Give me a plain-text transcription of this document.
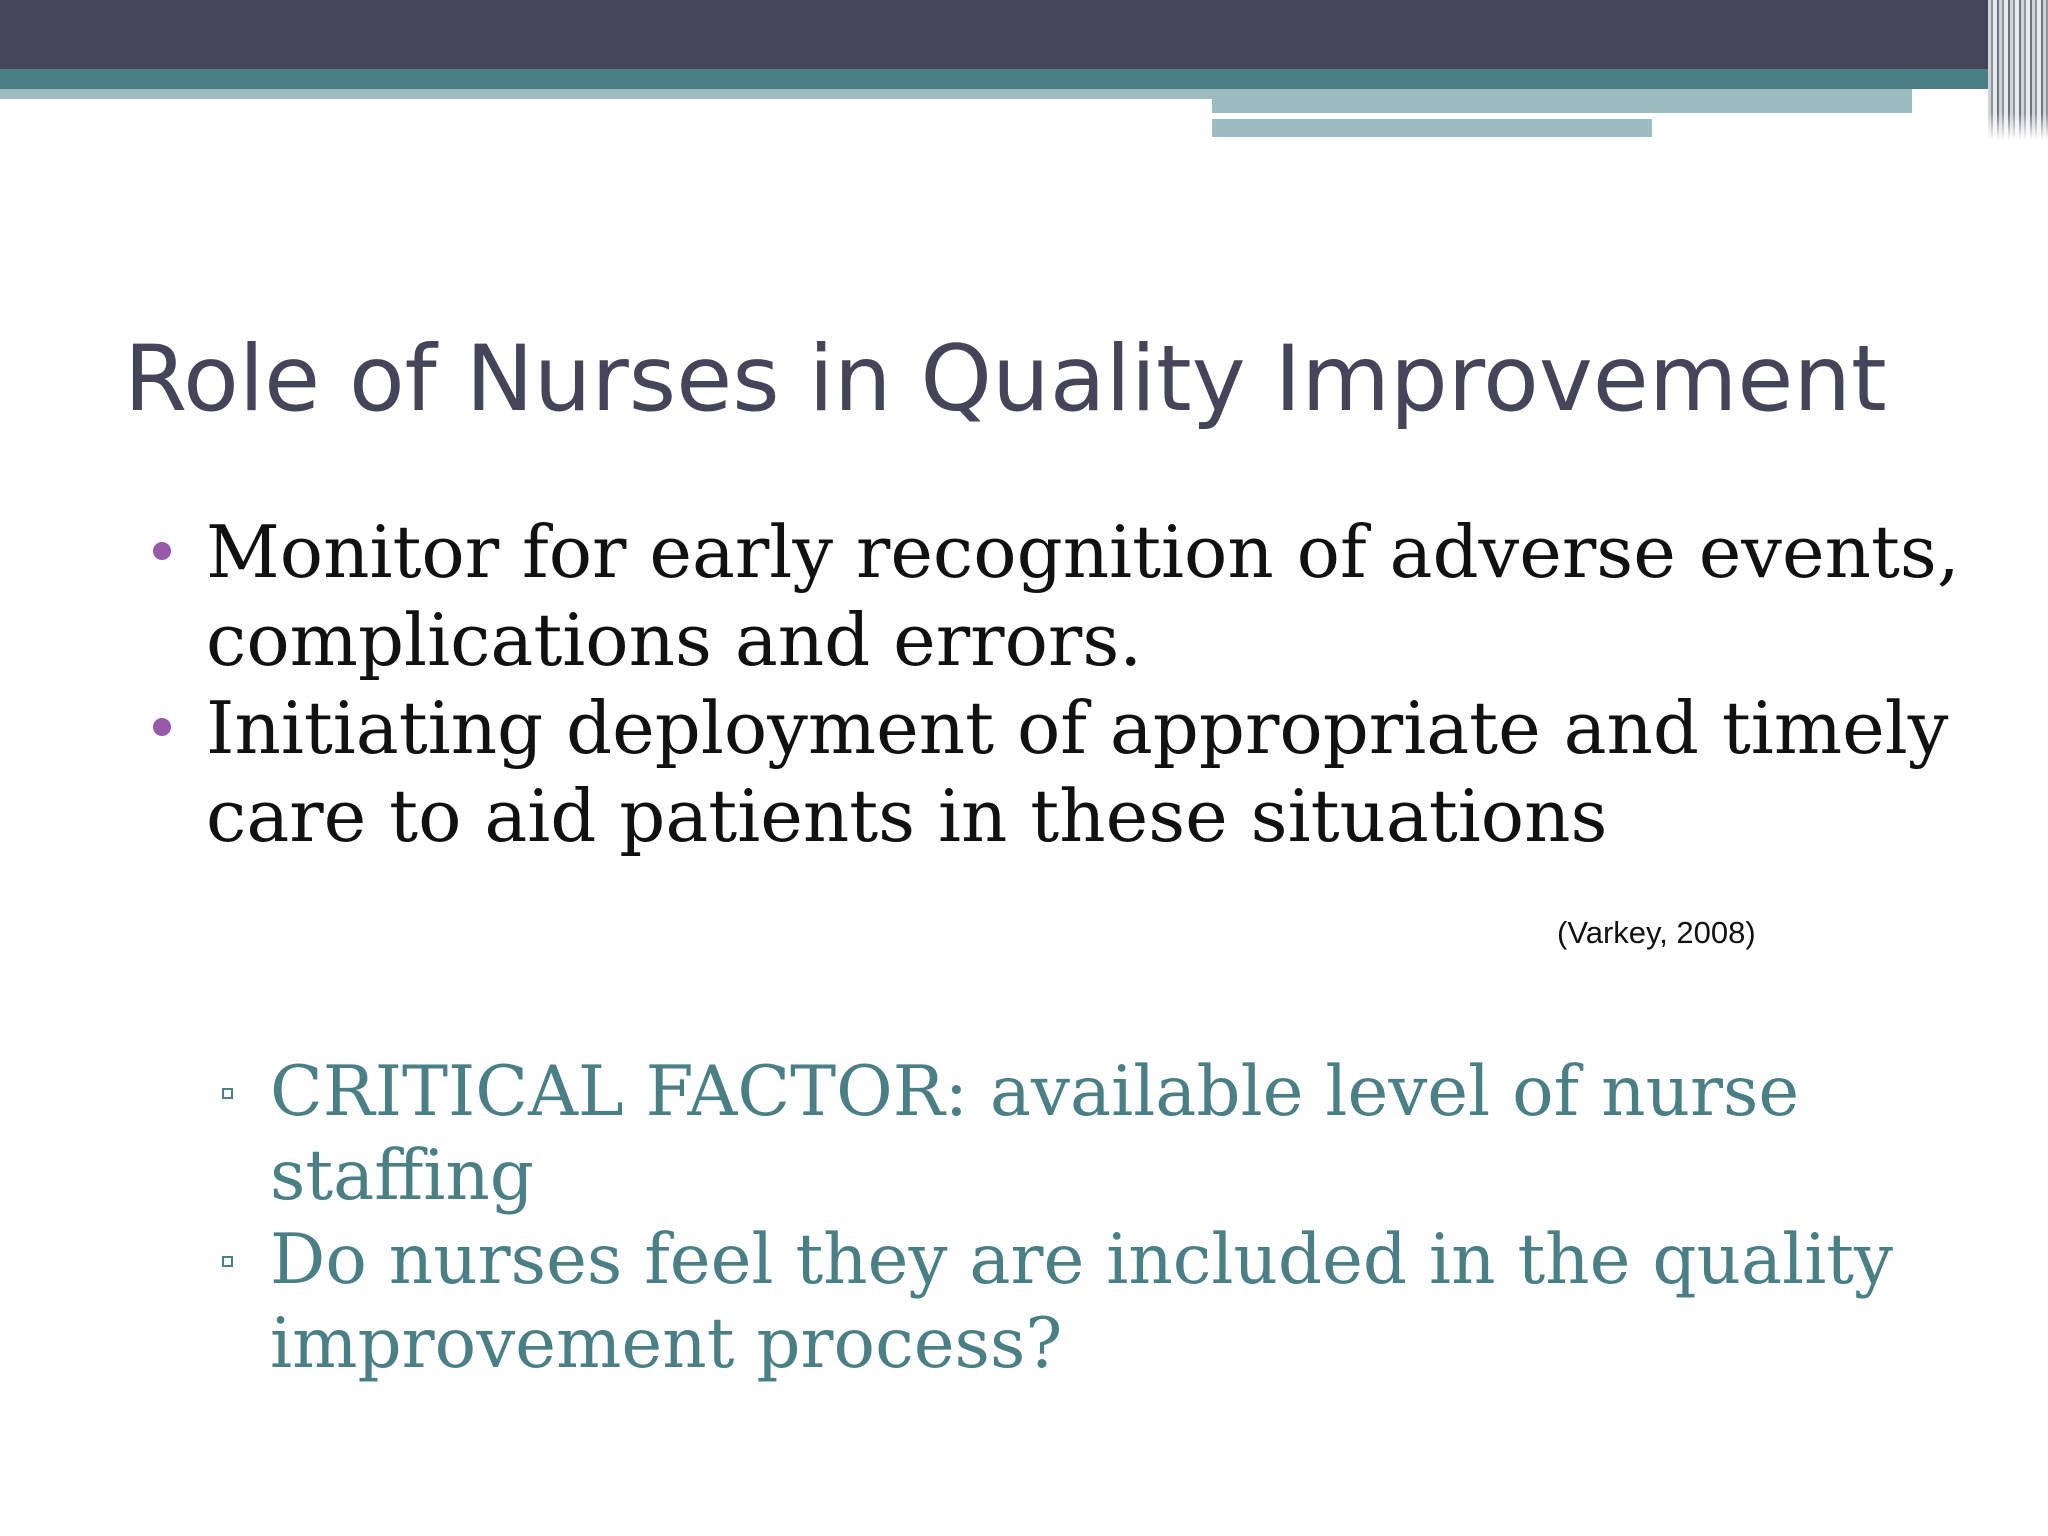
Role of Nurses in Quality Improvement
Monitor for early recognition of adverse events, complications and errors.
Initiating deployment of appropriate and timely care to aid patients in these situations

(Varkey, 2008)

CRITICAL FACTOR: available level of nurse staffing
Do nurses feel they are included in the quality improvement process?
